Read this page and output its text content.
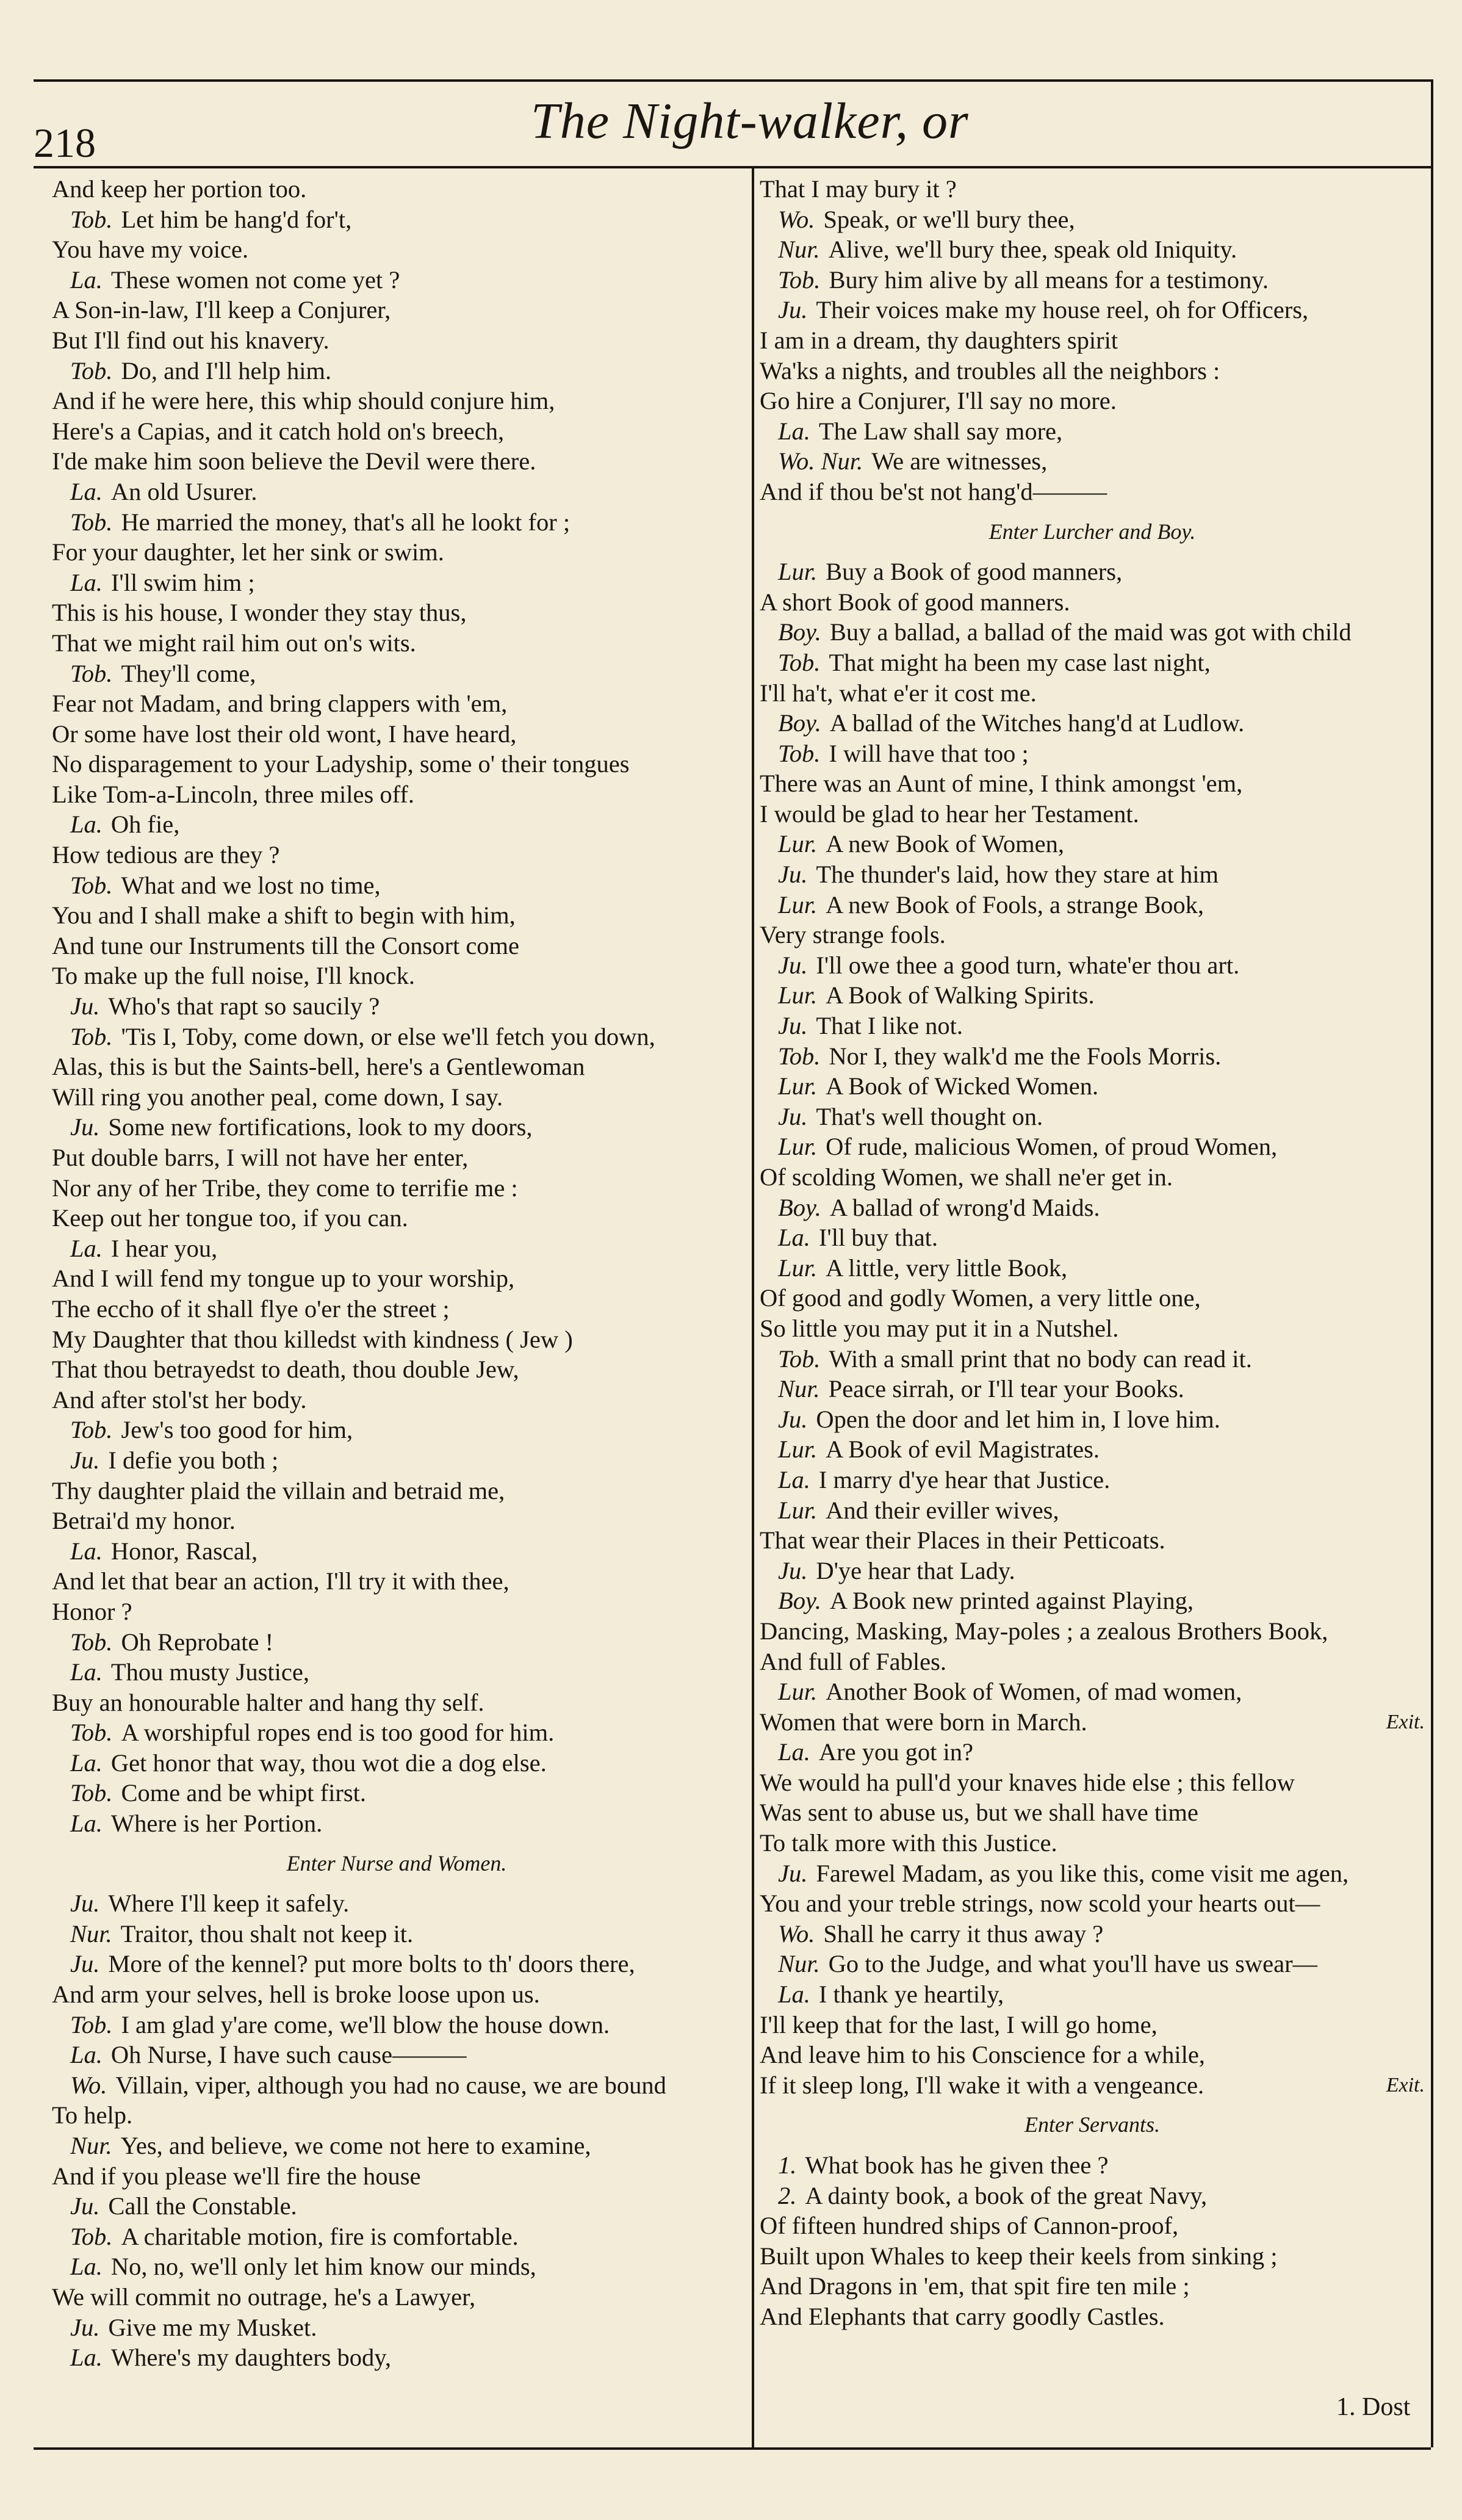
218	The Night-walker, or
And keep her portion too.
Tob. Let him be hang'd for't,
You have my voice.
La. These women not come yet ?
A Son-in-law, I'll keep a Conjurer,
But I'll find out his knavery.
Tob. Do, and I'll help him.
And if he were here, this whip should conjure him,
Here's a Capias, and it catch hold on's breech,
I'de make him soon believe the Devil were there.
La. An old Usurer.
Tob. He married the money, that's all he lookt for ;
For your daughter, let her sink or swim.
La. I'll swim him ;
This is his house, I wonder they stay thus,
That we might rail him out on's wits.
Tob. They'll come,
Fear not Madam, and bring clappers with 'em,
Or some have lost their old wont, I have heard,
No disparagement to your Ladyship, some o' their tongues
Like Tom-a-Lincoln, three miles off.
La. Oh fie,
How tedious are they ?
Tob. What and we lost no time,
You and I shall make a shift to begin with him,
And tune our Instruments till the Consort come
To make up the full noise, I'll knock.
Ju. Who's that rapt so saucily ?
Tob. 'Tis I, Toby, come down, or else we'll fetch you down,
Alas, this is but the Saints-bell, here's a Gentlewoman
Will ring you another peal, come down, I say.
Ju. Some new fortifications, look to my doors,
Put double barrs, I will not have her enter,
Nor any of her Tribe, they come to terrifie me :
Keep out her tongue too, if you can.
La. I hear you,
And I will fend my tongue up to your worship,
The eccho of it shall flye o'er the street ;
My Daughter that thou killedst with kindness ( Jew )
That thou betrayedst to death, thou double Jew,
And after stol'st her body.
Tob. Jew's too good for him,
Ju. I defie you both ;
Thy daughter plaid the villain and betraid me,
Betrai'd my honor.
La. Honor, Rascal,
And let that bear an action, I'll try it with thee,
Honor ?
Tob. Oh Reprobate !
La. Thou musty Justice,
Buy an honourable halter and hang thy self.
Tob. A worshipful ropes end is too good for him.
La. Get honor that way, thou wot die a dog else.
Tob. Come and be whipt first.
La. Where is her Portion.
Enter Nurse and Women.
Ju. Where I'll keep it safely.
Nur. Traitor, thou shalt not keep it.
Ju. More of the kennel? put more bolts to th' doors there,
And arm your selves, hell is broke loose upon us.
Tob. I am glad y'are come, we'll blow the house down.
La. Oh Nurse, I have such cause———
Wo. Villain, viper, although you had no cause, we are bound
To help.
Nur. Yes, and believe, we come not here to examine,
And if you please we'll fire the house
Ju. Call the Constable.
Tob. A charitable motion, fire is comfortable.
La. No, no, we'll only let him know our minds,
We will commit no outrage, he's a Lawyer,
Ju. Give me my Musket.
La. Where's my daughters body,
That I may bury it ?
Wo. Speak, or we'll bury thee,
Nur. Alive, we'll bury thee, speak old Iniquity.
Tob. Bury him alive by all means for a testimony.
Ju. Their voices make my house reel, oh for Officers,
I am in a dream, thy daughters spirit
Wa'ks a nights, and troubles all the neighbors :
Go hire a Conjurer, I'll say no more.
La. The Law shall say more,
Wo. Nur. We are witnesses,
And if thou be'st not hang'd———
Enter Lurcher and Boy.
Lur. Buy a Book of good manners,
A short Book of good manners.
Boy. Buy a ballad, a ballad of the maid was got with child
Tob. That might ha been my case last night,
I'll ha't, what e'er it cost me.
Boy. A ballad of the Witches hang'd at Ludlow.
Tob. I will have that too ;
There was an Aunt of mine, I think amongst 'em,
I would be glad to hear her Testament.
Lur. A new Book of Women,
Ju. The thunder's laid, how they stare at him
Lur. A new Book of Fools, a strange Book,
Very strange fools.
Ju. I'll owe thee a good turn, whate'er thou art.
Lur. A Book of Walking Spirits.
Ju. That I like not.
Tob. Nor I, they walk'd me the Fools Morris.
Lur. A Book of Wicked Women.
Ju. That's well thought on.
Lur. Of rude, malicious Women, of proud Women,
Of scolding Women, we shall ne'er get in.
Boy. A ballad of wrong'd Maids.
La. I'll buy that.
Lur. A little, very little Book,
Of good and godly Women, a very little one,
So little you may put it in a Nutshel.
Tob. With a small print that no body can read it.
Nur. Peace sirrah, or I'll tear your Books.
Ju. Open the door and let him in, I love him.
Lur. A Book of evil Magistrates.
La. I marry d'ye hear that Justice.
Lur. And their eviller wives,
That wear their Places in their Petticoats.
Ju. D'ye hear that Lady.
Boy. A Book new printed against Playing,
Dancing, Masking, May-poles ; a zealous Brothers Book,
And full of Fables.
Lur. Another Book of Women, of mad women,
Women that were born in March.	Exit.
La. Are you got in?
We would ha pull'd your knaves hide else ; this fellow
Was sent to abuse us, but we shall have time
To talk more with this Justice.
Ju. Farewel Madam, as you like this, come visit me agen,
You and your treble strings, now scold your hearts out—
Wo. Shall he carry it thus away ?
Nur. Go to the Judge, and what you'll have us swear—
La. I thank ye heartily,
I'll keep that for the last, I will go home,
And leave him to his Conscience for a while,
If it sleep long, I'll wake it with a vengeance.	Exit.
Enter Servants.
1. What book has he given thee ?
2. A dainty book, a book of the great Navy,
Of fifteen hundred ships of Cannon-proof,
Built upon Whales to keep their keels from sinking ;
And Dragons in 'em, that spit fire ten mile ;
And Elephants that carry goodly Castles.
1. Dost
